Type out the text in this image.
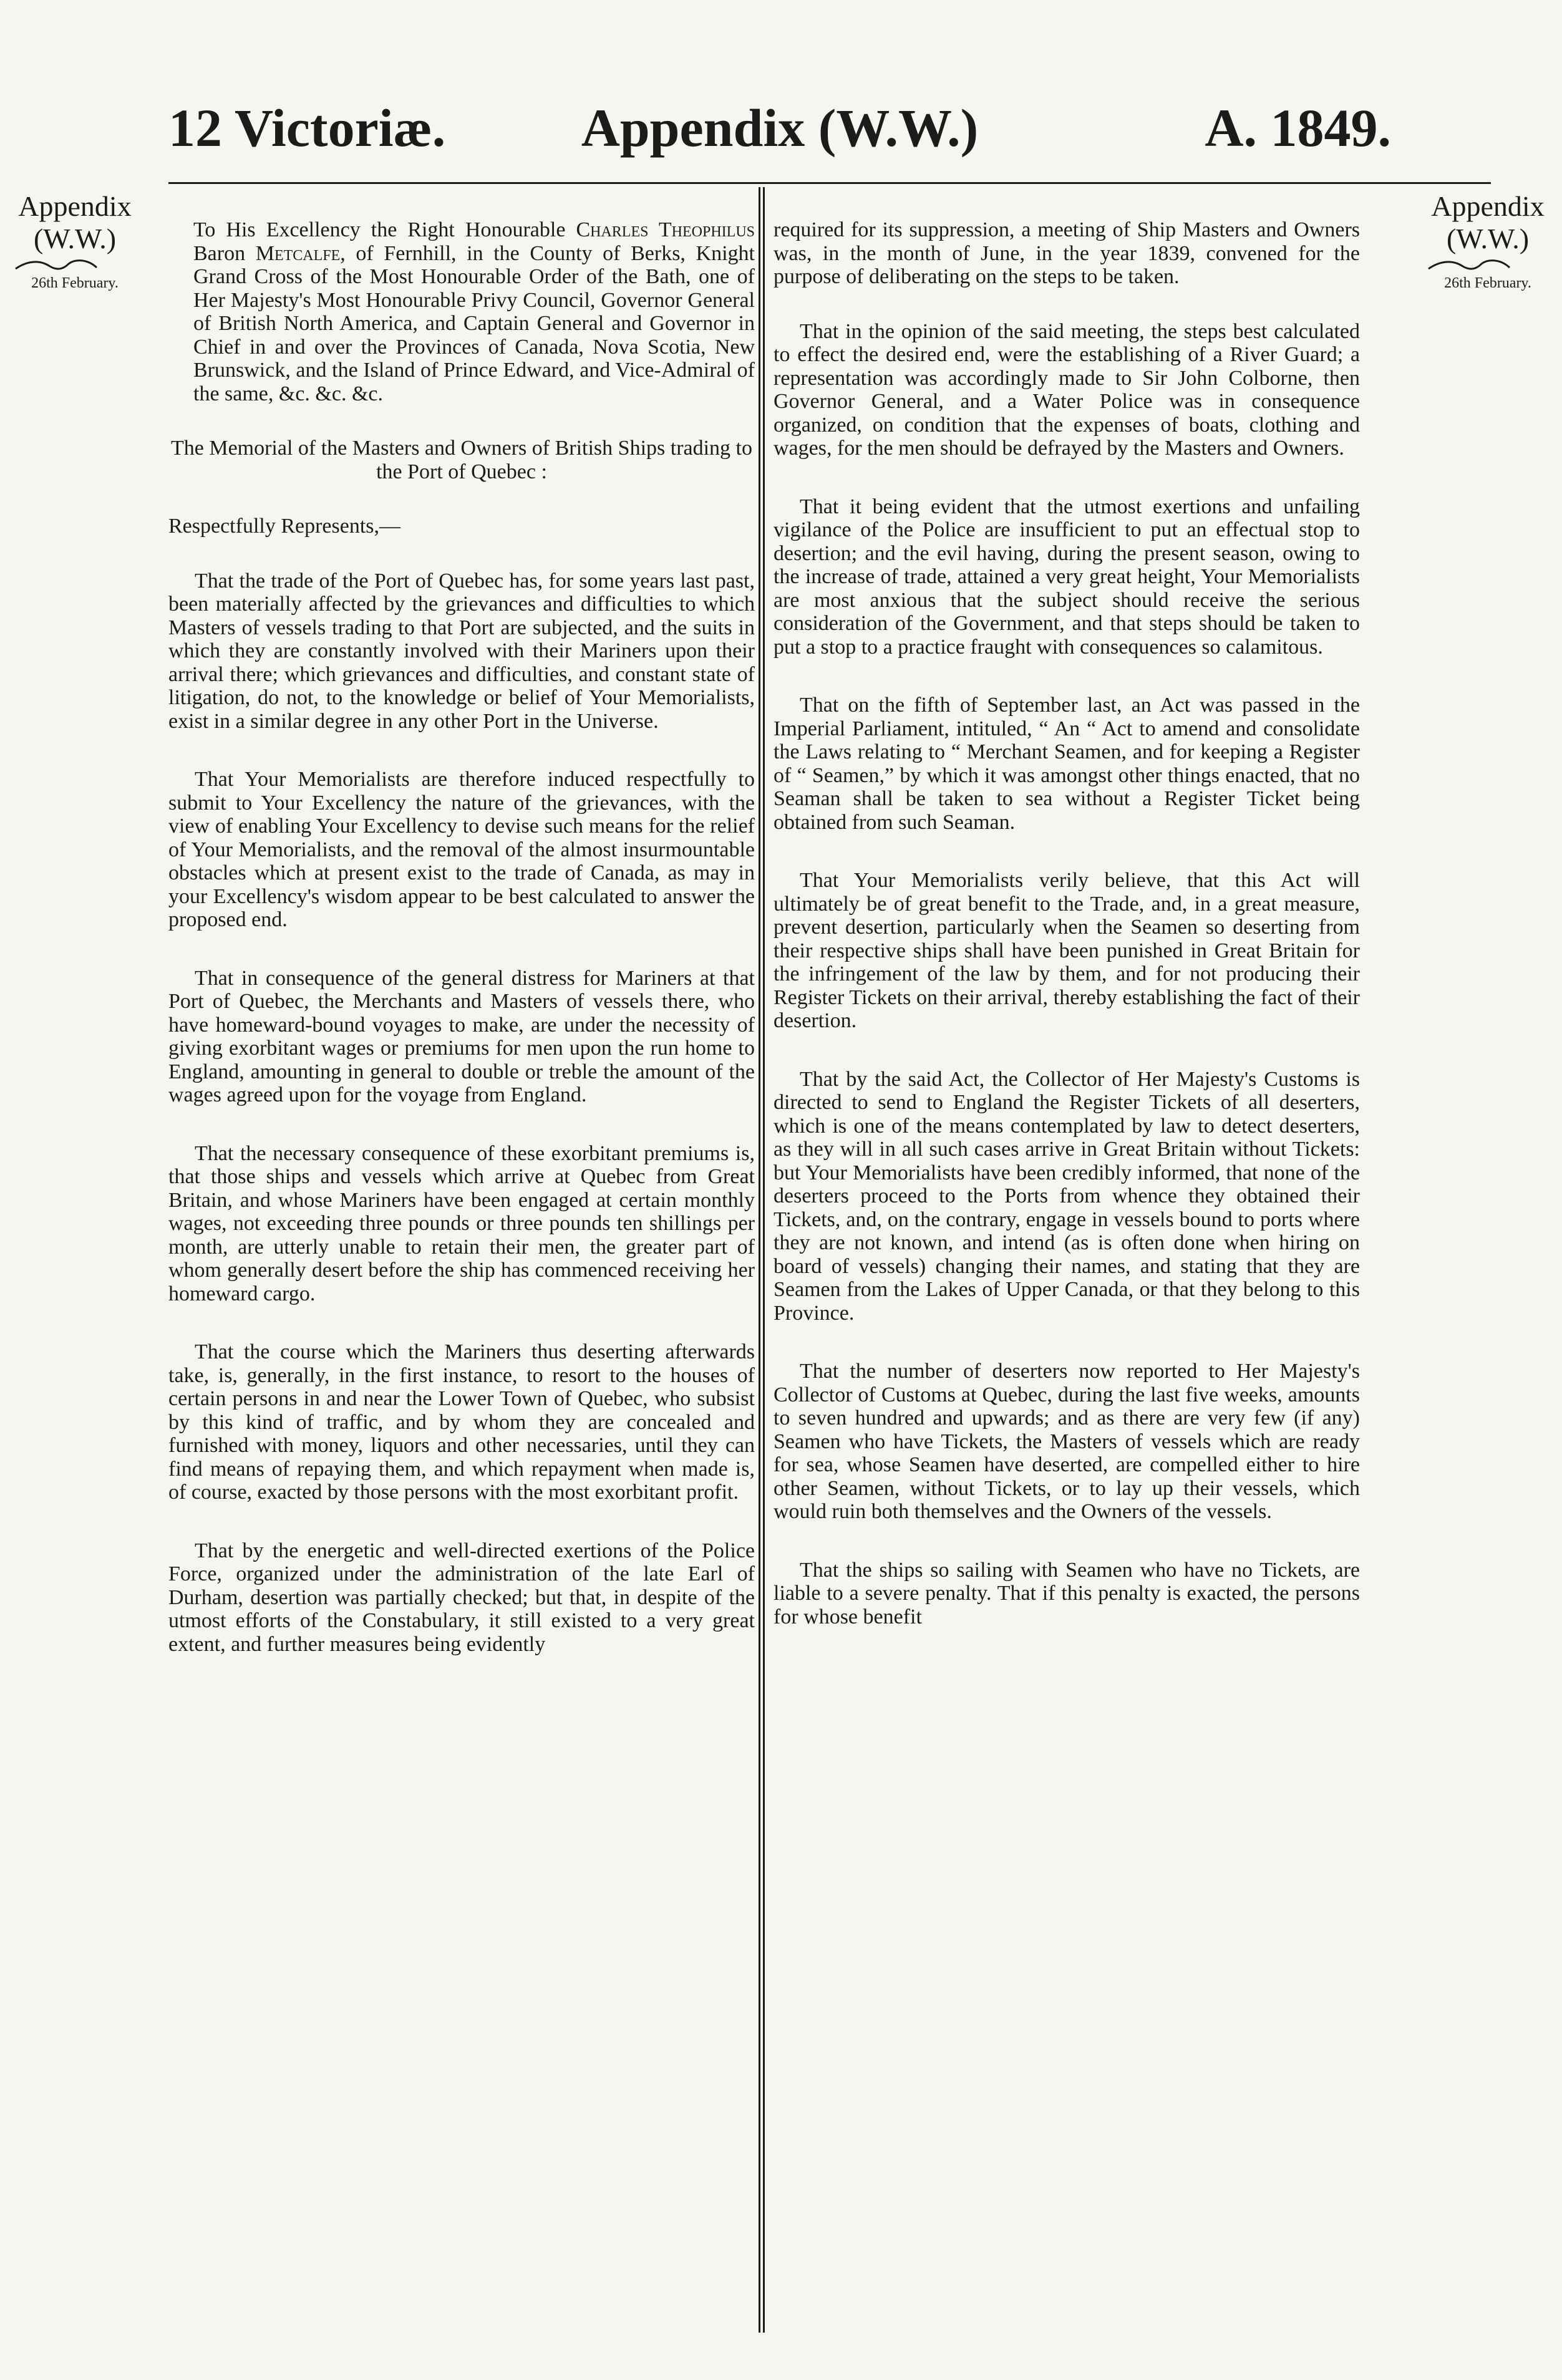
12 Victoriæ.	Appendix (W.W.)	A. 1849.
Appendix
(W.W.)
26th February.
Appendix
(W.W.)
26th February.

To His Excellency the Right Honourable Charles Theophilus Baron Metcalfe, of Fernhill, in the County of Berks, Knight Grand Cross of the Most Honourable Order of the Bath, one of Her Majesty's Most Honourable Privy Council, Governor General of British North America, and Captain General and Governor in Chief in and over the Provinces of Canada, Nova Scotia, New Brunswick, and the Island of Prince Edward, and Vice-Admiral of the same, &c. &c. &c.

The Memorial of the Masters and Owners of British Ships trading to the Port of Quebec :

Respectfully Represents,—

That the trade of the Port of Quebec has, for some years last past, been materially affected by the grievances and difficulties to which Masters of vessels trading to that Port are subjected, and the suits in which they are constantly involved with their Mariners upon their arrival there; which grievances and difficulties, and constant state of litigation, do not, to the knowledge or belief of Your Memorialists, exist in a similar degree in any other Port in the Universe.

That Your Memorialists are therefore induced respectfully to submit to Your Excellency the nature of the grievances, with the view of enabling Your Excellency to devise such means for the relief of Your Memorialists, and the removal of the almost insurmountable obstacles which at present exist to the trade of Canada, as may in your Excellency's wisdom appear to be best calculated to answer the proposed end.

That in consequence of the general distress for Mariners at that Port of Quebec, the Merchants and Masters of vessels there, who have homeward-bound voyages to make, are under the necessity of giving exorbitant wages or premiums for men upon the run home to England, amounting in general to double or treble the amount of the wages agreed upon for the voyage from England.

That the necessary consequence of these exorbitant premiums is, that those ships and vessels which arrive at Quebec from Great Britain, and whose Mariners have been engaged at certain monthly wages, not exceeding three pounds or three pounds ten shillings per month, are utterly unable to retain their men, the greater part of whom generally desert before the ship has commenced receiving her homeward cargo.

That the course which the Mariners thus deserting afterwards take, is, generally, in the first instance, to resort to the houses of certain persons in and near the Lower Town of Quebec, who subsist by this kind of traffic, and by whom they are concealed and furnished with money, liquors and other necessaries, until they can find means of repaying them, and which repayment when made is, of course, exacted by those persons with the most exorbitant profit.

That by the energetic and well-directed exertions of the Police Force, organized under the administration of the late Earl of Durham, desertion was partially checked; but that, in despite of the utmost efforts of the Constabulary, it still existed to a very great extent, and further measures being evidently

required for its suppression, a meeting of Ship Masters and Owners was, in the month of June, in the year 1839, convened for the purpose of deliberating on the steps to be taken.

That in the opinion of the said meeting, the steps best calculated to effect the desired end, were the establishing of a River Guard; a representation was accordingly made to Sir John Colborne, then Governor General, and a Water Police was in consequence organized, on condition that the expenses of boats, clothing and wages, for the men should be defrayed by the Masters and Owners.

That it being evident that the utmost exertions and unfailing vigilance of the Police are insufficient to put an effectual stop to desertion; and the evil having, during the present season, owing to the increase of trade, attained a very great height, Your Memorialists are most anxious that the subject should receive the serious consideration of the Government, and that steps should be taken to put a stop to a practice fraught with consequences so calamitous.

That on the fifth of September last, an Act was passed in the Imperial Parliament, intituled, “ An “ Act to amend and consolidate the Laws relating to “ Merchant Seamen, and for keeping a Register of “ Seamen,” by which it was amongst other things enacted, that no Seaman shall be taken to sea without a Register Ticket being obtained from such Seaman.

That Your Memorialists verily believe, that this Act will ultimately be of great benefit to the Trade, and, in a great measure, prevent desertion, particularly when the Seamen so deserting from their respective ships shall have been punished in Great Britain for the infringement of the law by them, and for not producing their Register Tickets on their arrival, thereby establishing the fact of their desertion.

That by the said Act, the Collector of Her Majesty's Customs is directed to send to England the Register Tickets of all deserters, which is one of the means contemplated by law to detect deserters, as they will in all such cases arrive in Great Britain without Tickets: but Your Memorialists have been credibly informed, that none of the deserters proceed to the Ports from whence they obtained their Tickets, and, on the contrary, engage in vessels bound to ports where they are not known, and intend (as is often done when hiring on board of vessels) changing their names, and stating that they are Seamen from the Lakes of Upper Canada, or that they belong to this Province.

That the number of deserters now reported to Her Majesty's Collector of Customs at Quebec, during the last five weeks, amounts to seven hundred and upwards; and as there are very few (if any) Seamen who have Tickets, the Masters of vessels which are ready for sea, whose Seamen have deserted, are compelled either to hire other Seamen, without Tickets, or to lay up their vessels, which would ruin both themselves and the Owners of the vessels.

That the ships so sailing with Seamen who have no Tickets, are liable to a severe penalty. That if this penalty is exacted, the persons for whose benefit
